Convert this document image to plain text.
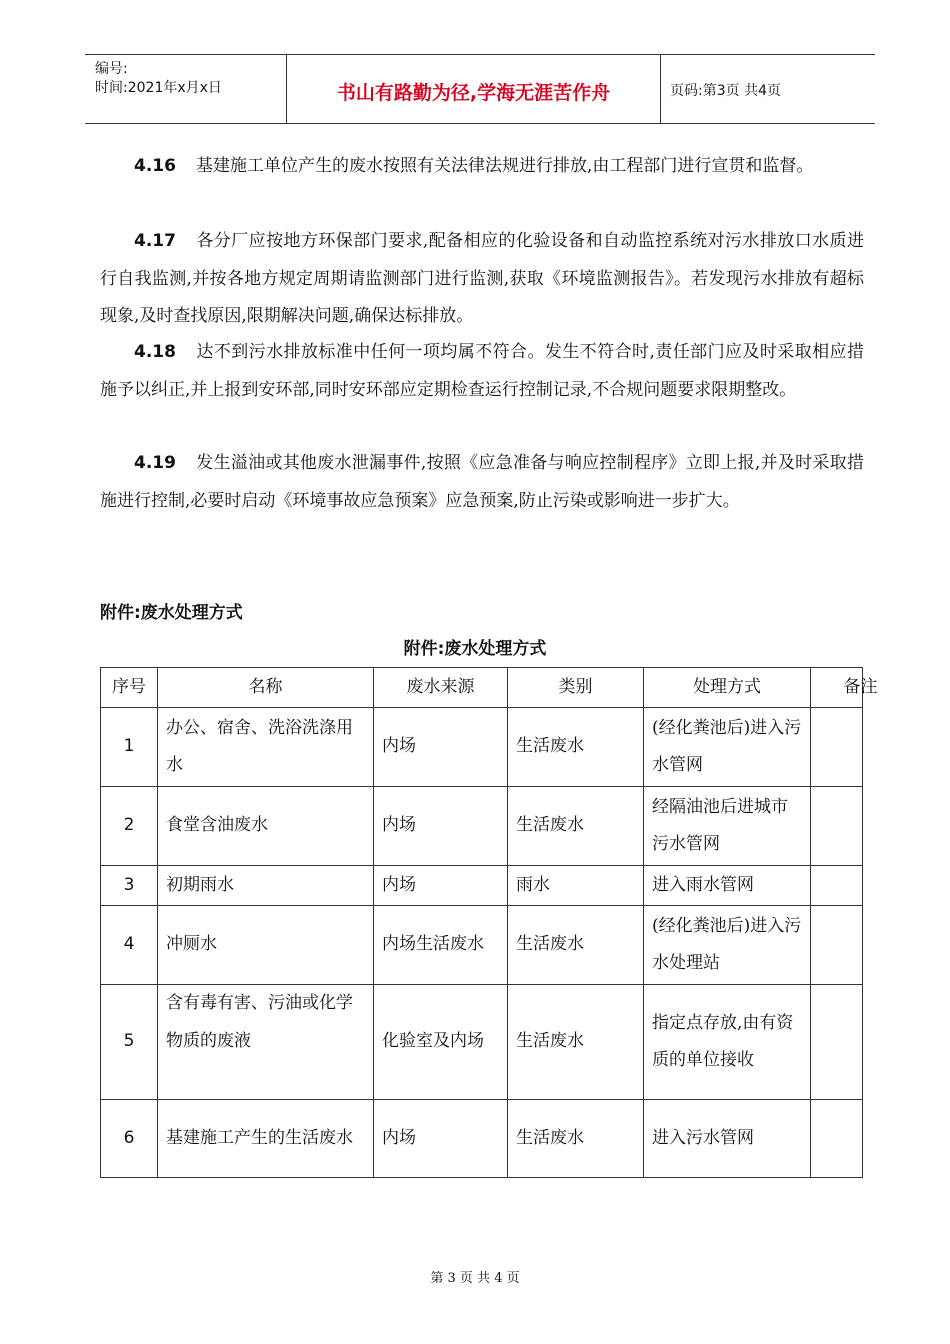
编号:
时间:2021年x月x日	书山有路勤为径,学海无涯苦作舟	页码:第3页 共4页
4.16 基建施工单位产生的废水按照有关法律法规进行排放,由工程部门进行宣贯和监督。
4.17 各分厂应按地方环保部门要求,配备相应的化验设备和自动监控系统对污水排放口水质进行自我监测,并按各地方规定周期请监测部门进行监测,获取《环境监测报告》。若发现污水排放有超标现象,及时查找原因,限期解决问题,确保达标排放。
4.18 达不到污水排放标准中任何一项均属不符合。发生不符合时,责任部门应及时采取相应措施予以纠正,并上报到安环部,同时安环部应定期检查运行控制记录,不合规问题要求限期整改。
4.19 发生溢油或其他废水泄漏事件,按照《应急准备与响应控制程序》立即上报,并及时采取措施进行控制,必要时启动《环境事故应急预案》应急预案,防止污染或影响进一步扩大。
附件:废水处理方式
附件:废水处理方式
序号	名称	废水来源	类别	处理方式	备注
1	办公、宿舍、洗浴洗涤用水	内场	生活废水	(经化粪池后)进入污水管网	
2	食堂含油废水	内场	生活废水	经隔油池后进城市污水管网	
3	初期雨水	内场	雨水	进入雨水管网	
4	冲厕水	内场生活废水	生活废水	(经化粪池后)进入污水处理站	
5	含有毒有害、污油或化学物质的废液	化验室及内场	生活废水	指定点存放,由有资质的单位接收	
6	基建施工产生的生活废水	内场	生活废水	进入污水管网	
第 3 页 共 4 页
